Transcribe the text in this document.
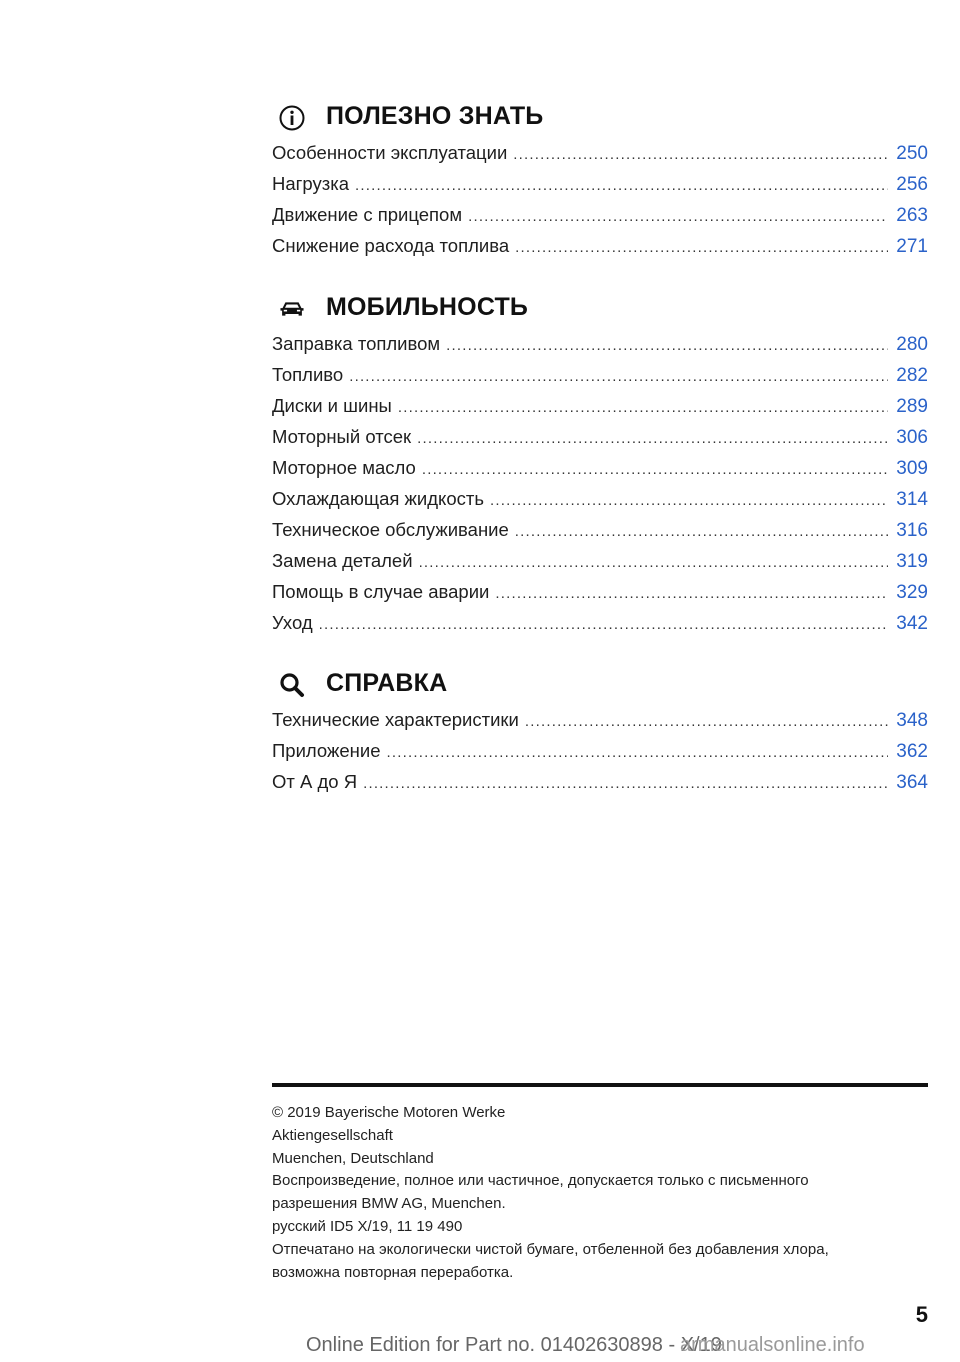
ПОЛЕЗНО ЗНАТЬ
Особенности эксплуатации .....	250
Нагрузка .....	256
Движение с прицепом .....	263
Снижение расхода топлива .....	271
МОБИЛЬНОСТЬ
Заправка топливом .....	280
Топливо .....	282
Диски и шины .....	289
Моторный отсек .....	306
Моторное масло .....	309
Охлаждающая жидкость .....	314
Техническое обслуживание .....	316
Замена деталей .....	319
Помощь в случае аварии .....	329
Уход .....	342
СПРАВКА
Технические характеристики .....	348
Приложение .....	362
От А до Я .....	364
© 2019 Bayerische Motoren Werke
Aktiengesellschaft
Muenchen, Deutschland
Воспроизведение, полное или частичное, допускается только с письменного
разрешения BMW AG, Muenchen.
русский ID5 X/19, 11 19 490
Отпечатано на экологически чистой бумаге, отбеленной без добавления хлора,
возможна повторная переработка.
5
Online Edition for Part no. 01402630898 - X/19
armanualsonline.info
